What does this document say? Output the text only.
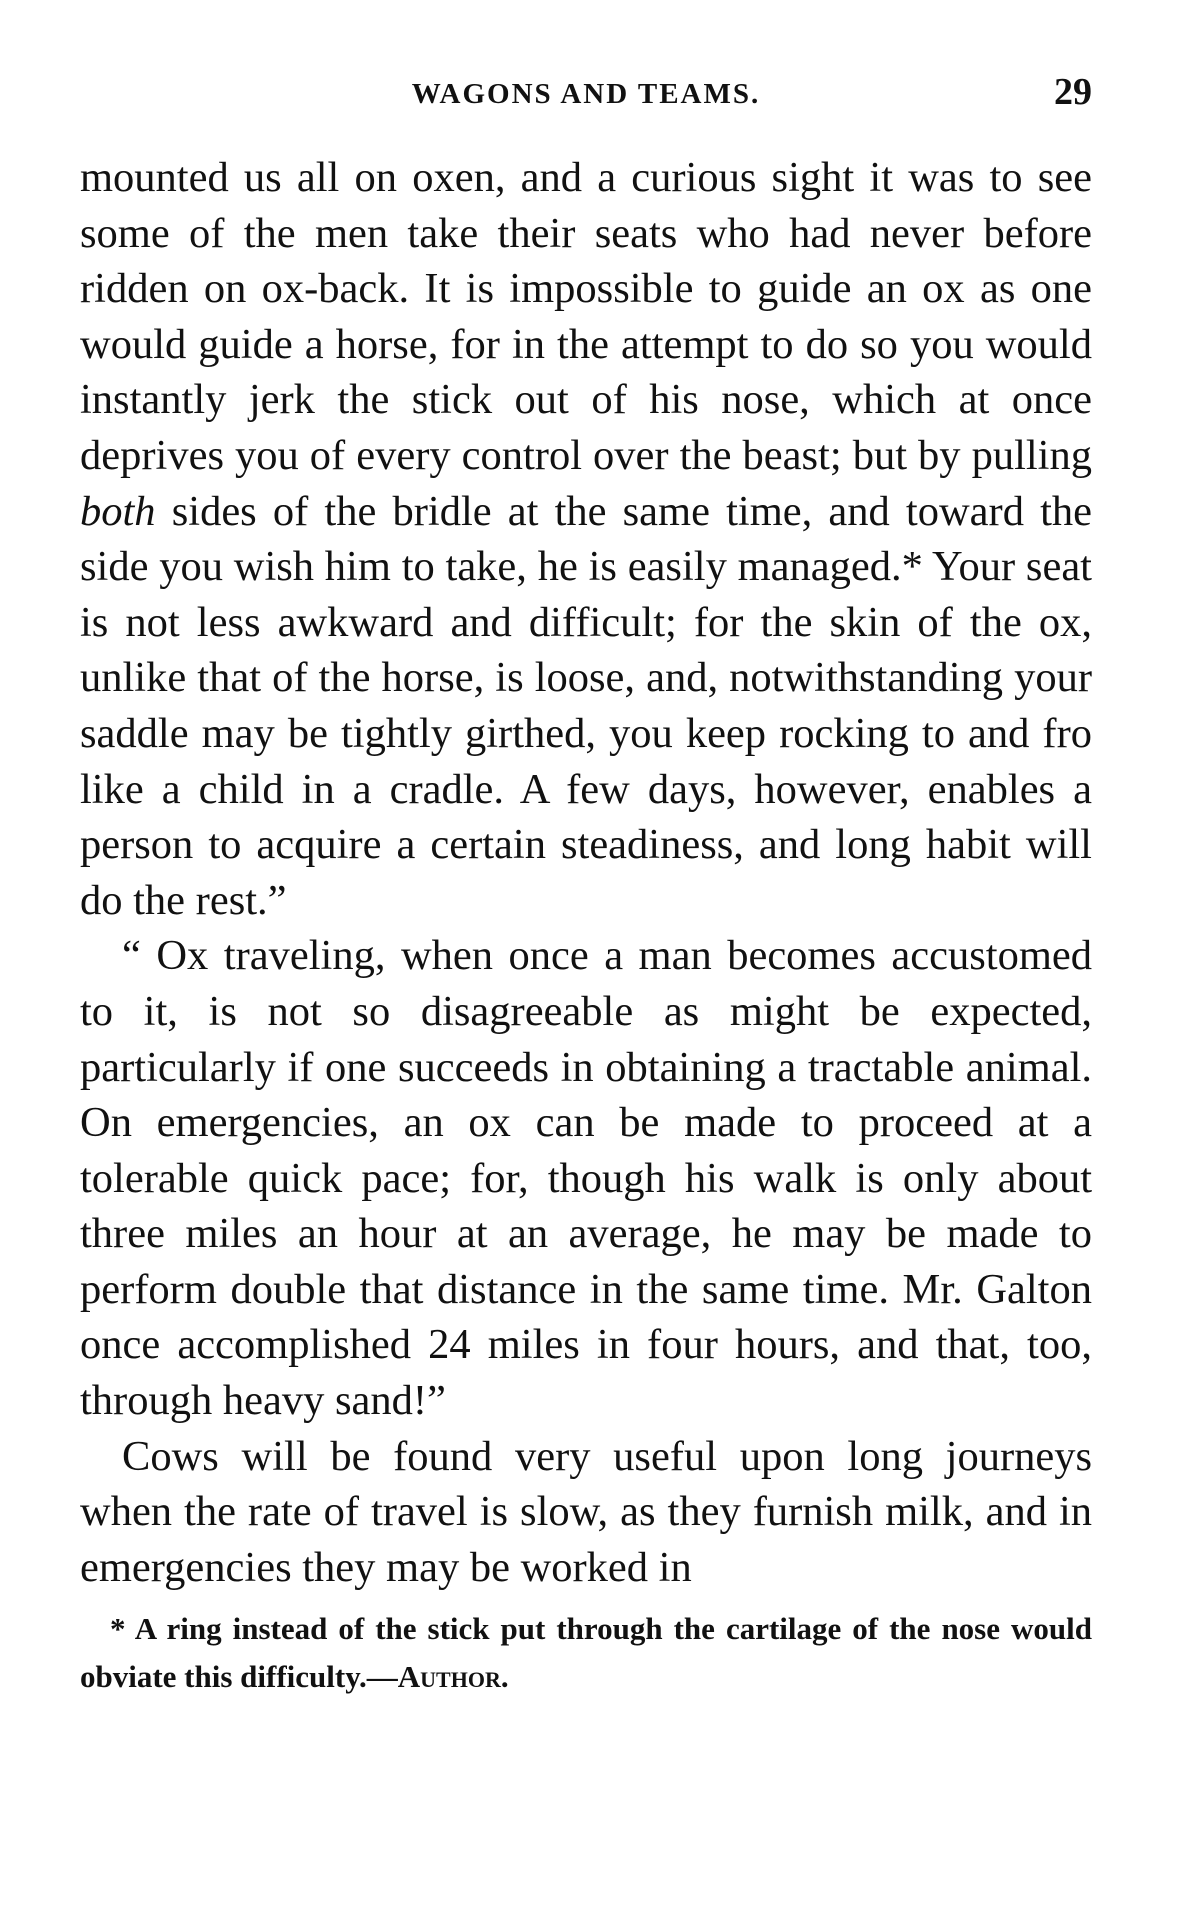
WAGONS AND TEAMS.	29

mounted us all on oxen, and a curious sight it was to see some of the men take their seats who had never before ridden on ox-back. It is impossible to guide an ox as one would guide a horse, for in the attempt to do so you would instantly jerk the stick out of his nose, which at once deprives you of every control over the beast; but by pulling both sides of the bridle at the same time, and toward the side you wish him to take, he is easily managed.* Your seat is not less awkward and difficult; for the skin of the ox, unlike that of the horse, is loose, and, notwithstanding your saddle may be tightly girthed, you keep rocking to and fro like a child in a cradle. A few days, however, enables a person to acquire a certain steadiness, and long habit will do the rest.”

“ Ox traveling, when once a man becomes accustomed to it, is not so disagreeable as might be expected, particularly if one succeeds in obtaining a tractable animal. On emergencies, an ox can be made to proceed at a tolerable quick pace; for, though his walk is only about three miles an hour at an average, he may be made to perform double that distance in the same time. Mr. Galton once accomplished 24 miles in four hours, and that, too, through heavy sand!”

Cows will be found very useful upon long journeys when the rate of travel is slow, as they furnish milk, and in emergencies they may be worked in

* A ring instead of the stick put through the cartilage of the nose would obviate this difficulty.—Author.
